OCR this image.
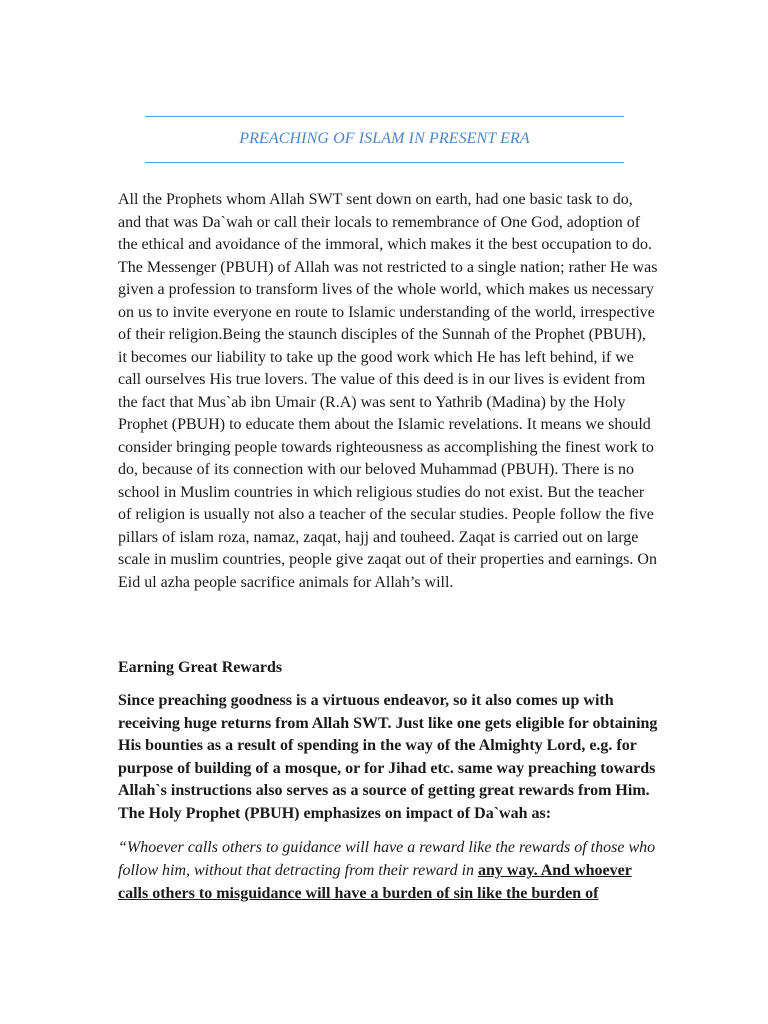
PREACHING OF ISLAM IN PRESENT ERA

All the Prophets whom Allah SWT sent down on earth, had one basic task to do, and that was Da`wah or call their locals to remembrance of One God, adoption of the ethical and avoidance of the immoral, which makes it the best occupation to do. The Messenger (PBUH) of Allah was not restricted to a single nation; rather He was given a profession to transform lives of the whole world, which makes us necessary on us to invite everyone en route to Islamic understanding of the world, irrespective of their religion.Being the staunch disciples of the Sunnah of the Prophet (PBUH), it becomes our liability to take up the good work which He has left behind, if we call ourselves His true lovers. The value of this deed is in our lives is evident from the fact that Mus`ab ibn Umair (R.A) was sent to Yathrib (Madina) by the Holy Prophet (PBUH) to educate them about the Islamic revelations. It means we should consider bringing people towards righteousness as accomplishing the finest work to do, because of its connection with our beloved Muhammad (PBUH). There is no school in Muslim countries in which religious studies do not exist. But the teacher of religion is usually not also a teacher of the secular studies. People follow the five pillars of islam roza, namaz, zaqat, hajj and touheed. Zaqat is carried out on large scale in muslim countries, people give zaqat out of their properties and earnings. On Eid ul azha people sacrifice animals for Allah’s will.

Earning Great Rewards

Since preaching goodness is a virtuous endeavor, so it also comes up with receiving huge returns from Allah SWT. Just like one gets eligible for obtaining His bounties as a result of spending in the way of the Almighty Lord, e.g. for purpose of building of a mosque, or for Jihad etc. same way preaching towards Allah`s instructions also serves as a source of getting great rewards from Him. The Holy Prophet (PBUH) emphasizes on impact of Da`wah as:

“Whoever calls others to guidance will have a reward like the rewards of those who follow him, without that detracting from their reward in any way. And whoever calls others to misguidance will have a burden of sin like the burden of
